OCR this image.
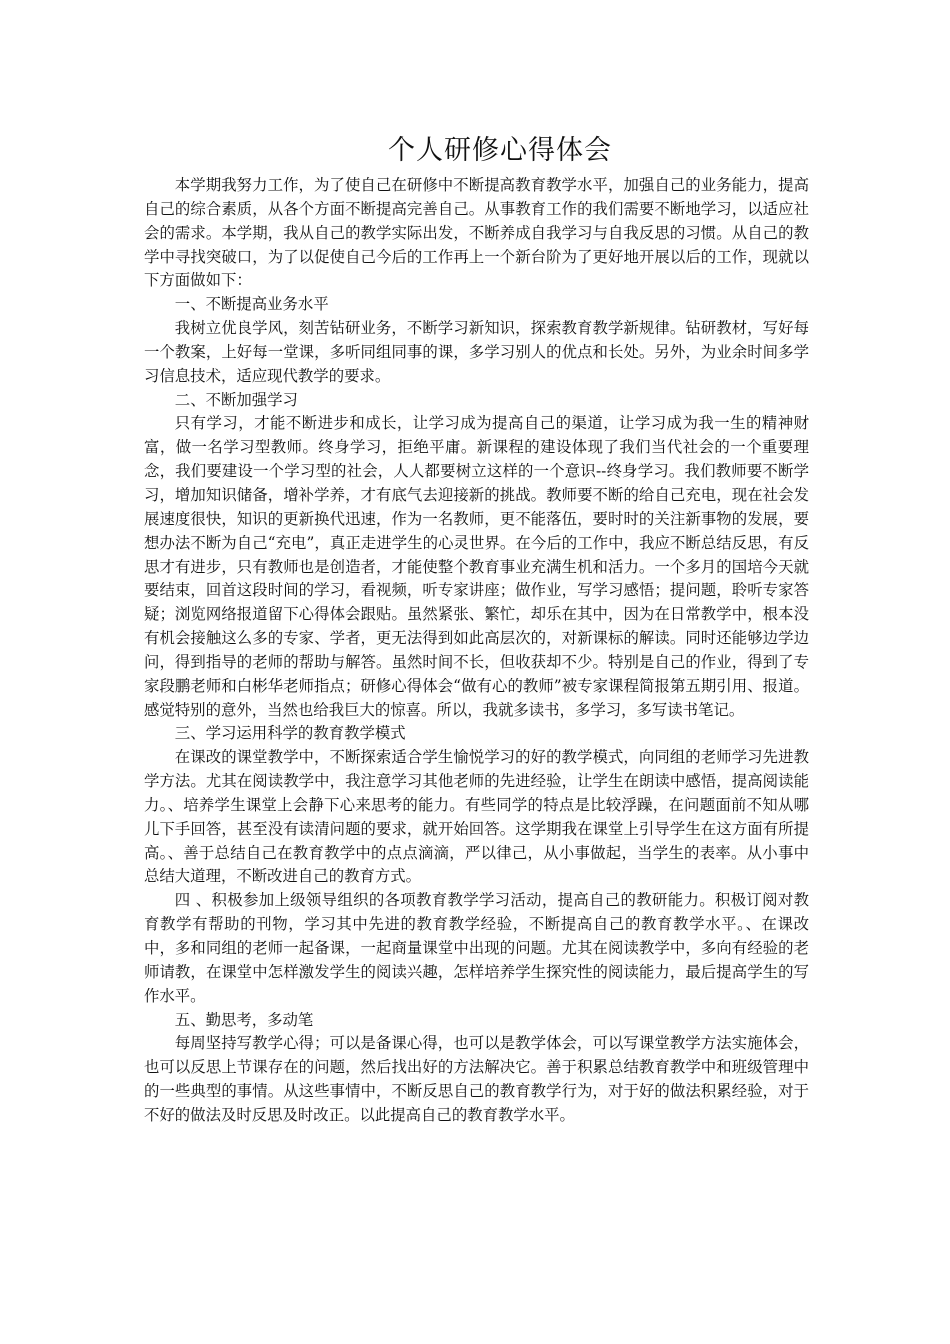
个人研修心得体会

本学期我努力工作，为了使自己在研修中不断提高教育教学水平，加强自己的业务能力，提高自己的综合素质，从各个方面不断提高完善自己。从事教育工作的我们需要不断地学习，以适应社会的需求。本学期，我从自己的教学实际出发，不断养成自我学习与自我反思的习惯。从自己的教学中寻找突破口，为了以促使自己今后的工作再上一个新台阶为了更好地开展以后的工作，现就以下方面做如下：

一、不断提高业务水平

我树立优良学风，刻苦钻研业务，不断学习新知识，探索教育教学新规律。钻研教材，写好每一个教案，上好每一堂课，多听同组同事的课，多学习别人的优点和长处。另外，为业余时间多学习信息技术，适应现代教学的要求。

二、不断加强学习

只有学习，才能不断进步和成长，让学习成为提高自己的渠道，让学习成为我一生的精神财富，做一名学习型教师。终身学习，拒绝平庸。新课程的建设体现了我们当代社会的一个重要理念，我们要建设一个学习型的社会，人人都要树立这样的一个意识--终身学习。我们教师要不断学习，增加知识储备，增补学养，才有底气去迎接新的挑战。教师要不断的给自己充电，现在社会发展速度很快，知识的更新换代迅速，作为一名教师，更不能落伍，要时时的关注新事物的发展，要想办法不断为自己“充电”，真正走进学生的心灵世界。在今后的工作中，我应不断总结反思，有反思才有进步，只有教师也是创造者，才能使整个教育事业充满生机和活力。一个多月的国培今天就要结束，回首这段时间的学习，看视频，听专家讲座；做作业，写学习感悟；提问题，聆听专家答疑；浏览网络报道留下心得体会跟贴。虽然紧张、繁忙，却乐在其中，因为在日常教学中，根本没有机会接触这么多的专家、学者，更无法得到如此高层次的，对新课标的解读。同时还能够边学边问，得到指导的老师的帮助与解答。虽然时间不长，但收获却不少。特别是自己的作业，得到了专家段鹏老师和白彬华老师指点；研修心得体会“做有心的教师”被专家课程简报第五期引用、报道。感觉特别的意外，当然也给我巨大的惊喜。所以，我就多读书，多学习，多写读书笔记。

三、学习运用科学的教育教学模式

在课改的课堂教学中，不断探索适合学生愉悦学习的好的教学模式，向同组的老师学习先进教学方法。尤其在阅读教学中，我注意学习其他老师的先进经验，让学生在朗读中感悟，提高阅读能力。、培养学生课堂上会静下心来思考的能力。有些同学的特点是比较浮躁，在问题面前不知从哪儿下手回答，甚至没有读清问题的要求，就开始回答。这学期我在课堂上引导学生在这方面有所提高。、善于总结自己在教育教学中的点点滴滴，严以律己，从小事做起，当学生的表率。从小事中总结大道理，不断改进自己的教育方式。

四 、积极参加上级领导组织的各项教育教学学习活动，提高自己的教研能力。积极订阅对教育教学有帮助的刊物，学习其中先进的教育教学经验，不断提高自己的教育教学水平。、在课改中，多和同组的老师一起备课，一起商量课堂中出现的问题。尤其在阅读教学中，多向有经验的老师请教，在课堂中怎样激发学生的阅读兴趣，怎样培养学生探究性的阅读能力，最后提高学生的写作水平。

五、勤思考，多动笔

每周坚持写教学心得；可以是备课心得，也可以是教学体会，可以写课堂教学方法实施体会，也可以反思上节课存在的问题，然后找出好的方法解决它。善于积累总结教育教学中和班级管理中的一些典型的事情。从这些事情中，不断反思自己的教育教学行为，对于好的做法积累经验，对于不好的做法及时反思及时改正。以此提高自己的教育教学水平。
